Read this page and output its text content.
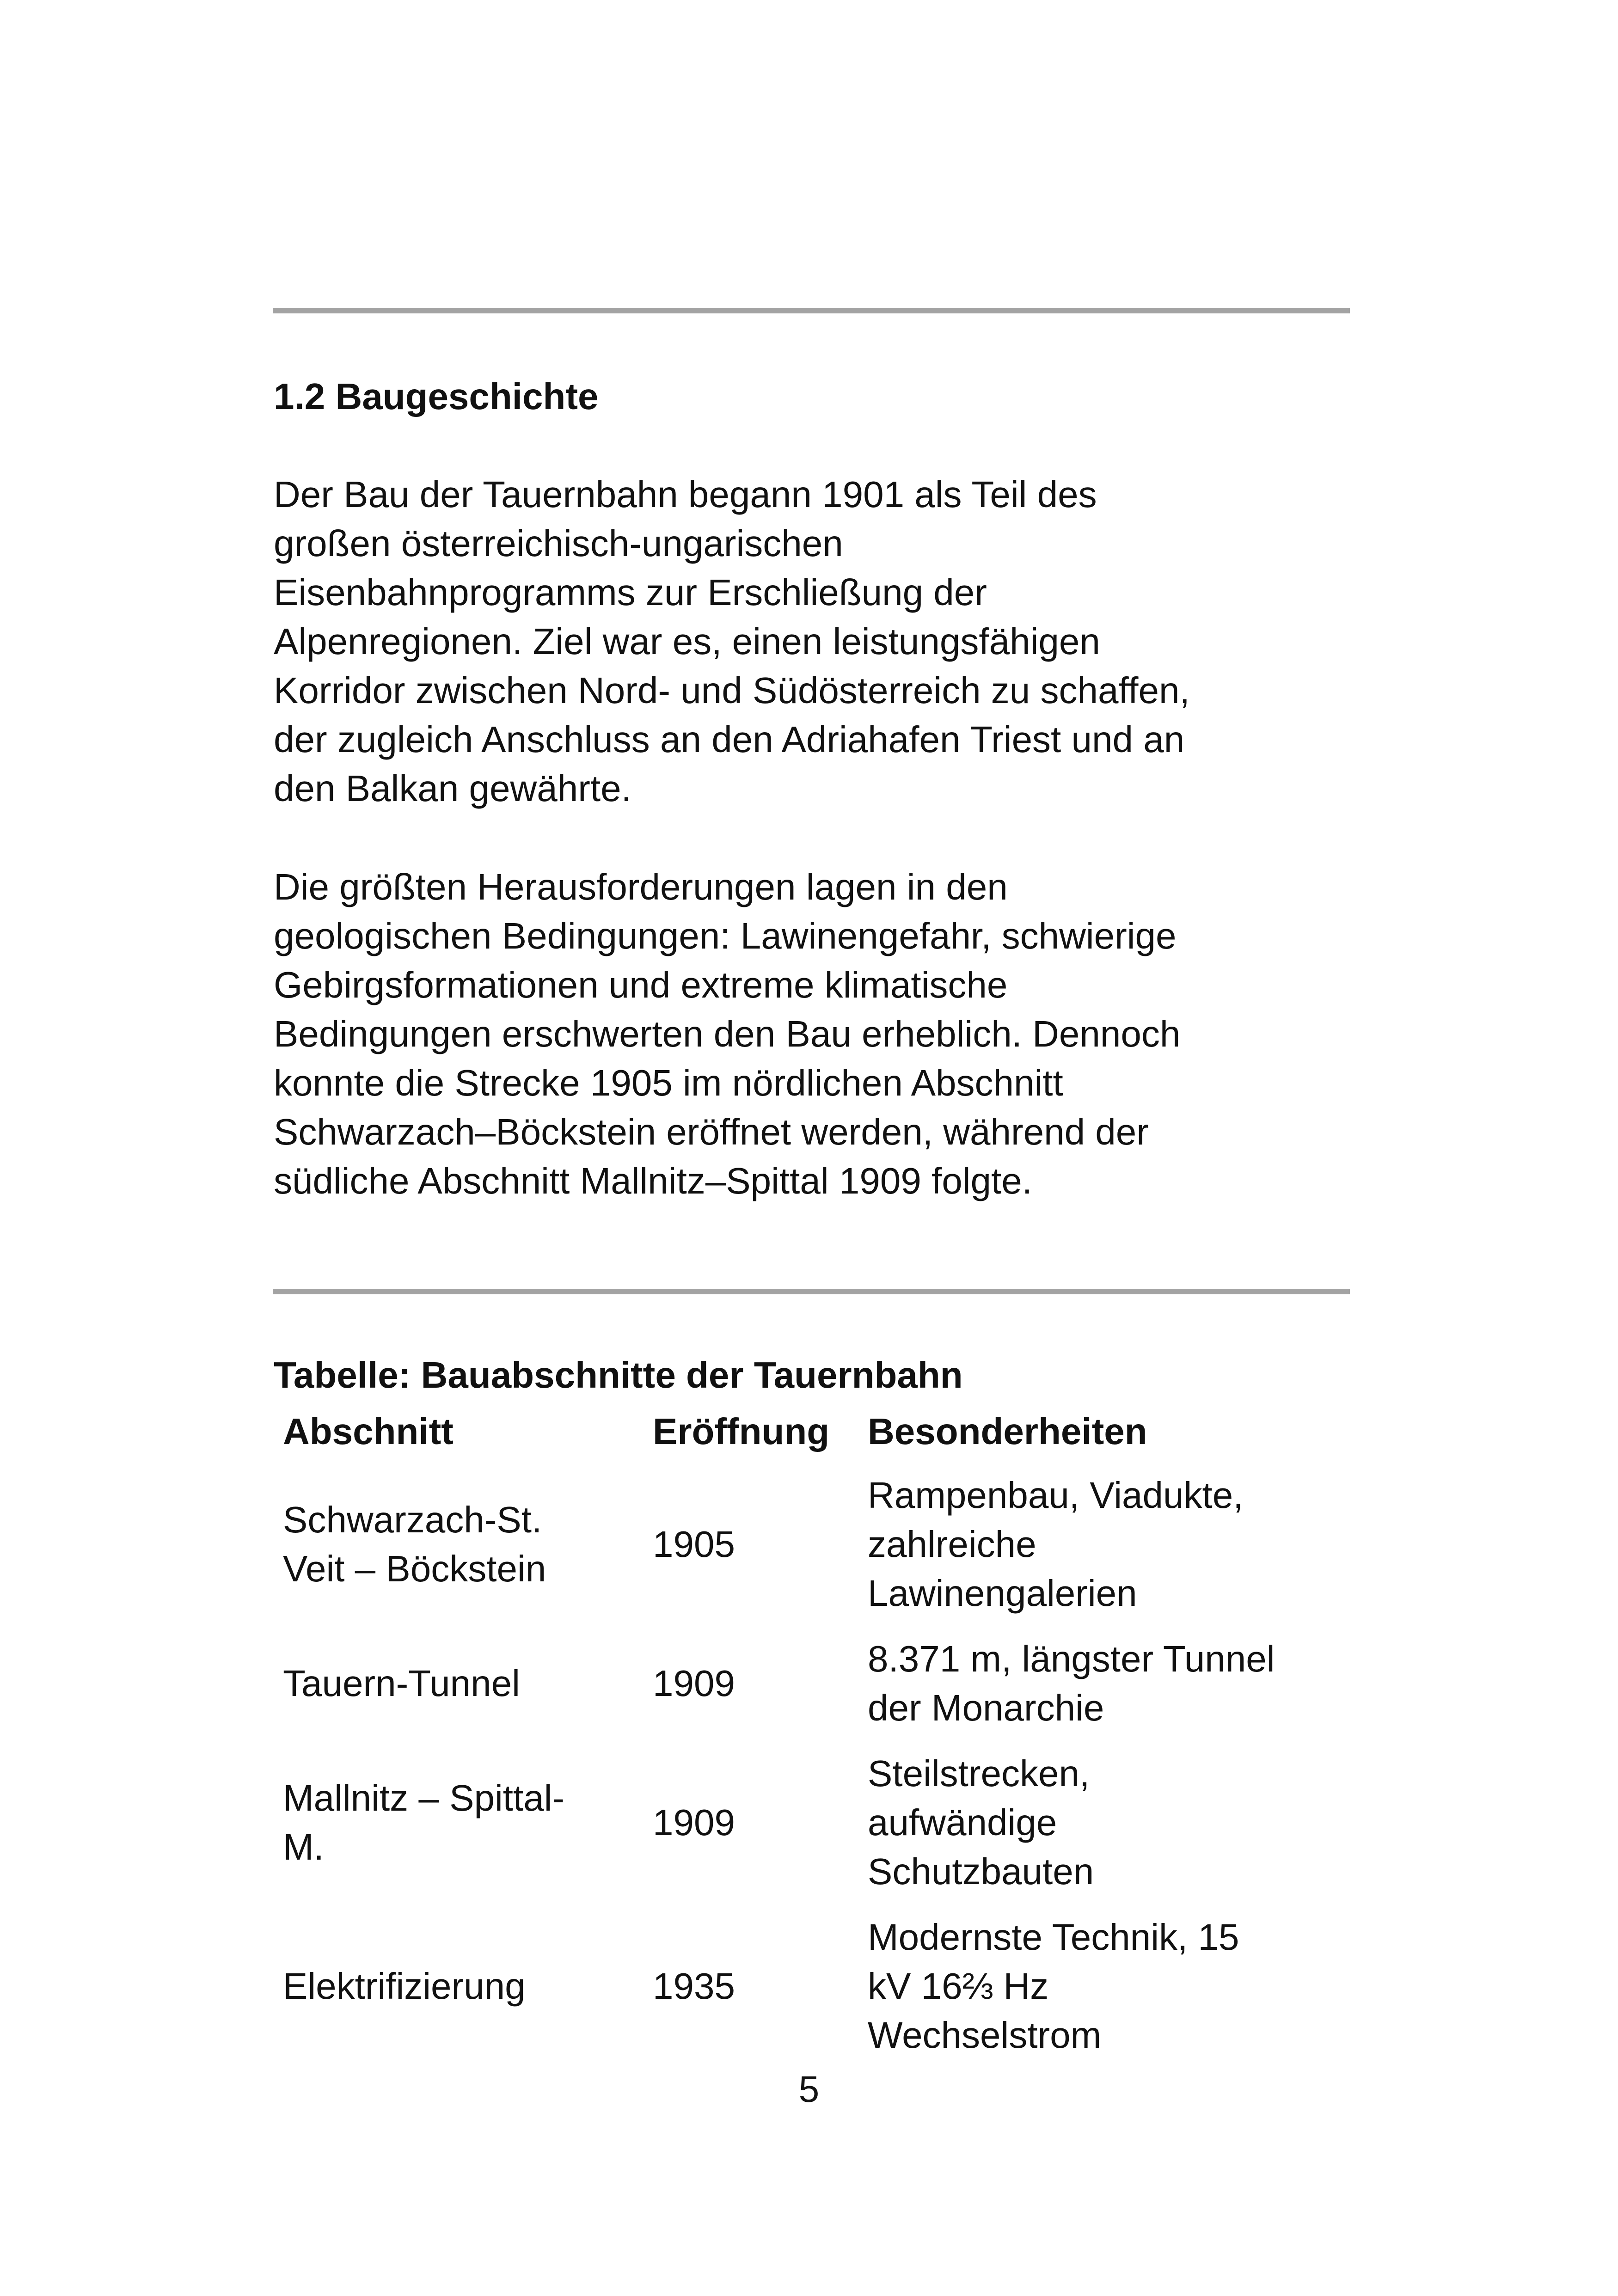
1.2 Baugeschichte

Der Bau der Tauernbahn begann 1901 als Teil des
großen österreichisch-ungarischen
Eisenbahnprogramms zur Erschließung der
Alpenregionen. Ziel war es, einen leistungsfähigen
Korridor zwischen Nord- und Südösterreich zu schaffen,
der zugleich Anschluss an den Adriahafen Triest und an
den Balkan gewährte.

Die größten Herausforderungen lagen in den
geologischen Bedingungen: Lawinengefahr, schwierige
Gebirgsformationen und extreme klimatische
Bedingungen erschwerten den Bau erheblich. Dennoch
konnte die Strecke 1905 im nördlichen Abschnitt
Schwarzach–Böckstein eröffnet werden, während der
südliche Abschnitt Mallnitz–Spittal 1909 folgte.

Tabelle: Bauabschnitte der Tauernbahn

Abschnitt	Eröffnung	Besonderheiten

Schwarzach-St.
Veit – Böckstein	1905	Rampenbau, Viadukte,
zahlreiche
Lawinengalerien

Tauern-Tunnel	1909	8.371 m, längster Tunnel
der Monarchie

Mallnitz – Spittal-
M.	1909	Steilstrecken,
aufwändige
Schutzbauten

Elektrifizierung	1935	Modernste Technik, 15
kV 16⅔ Hz
Wechselstrom

5
